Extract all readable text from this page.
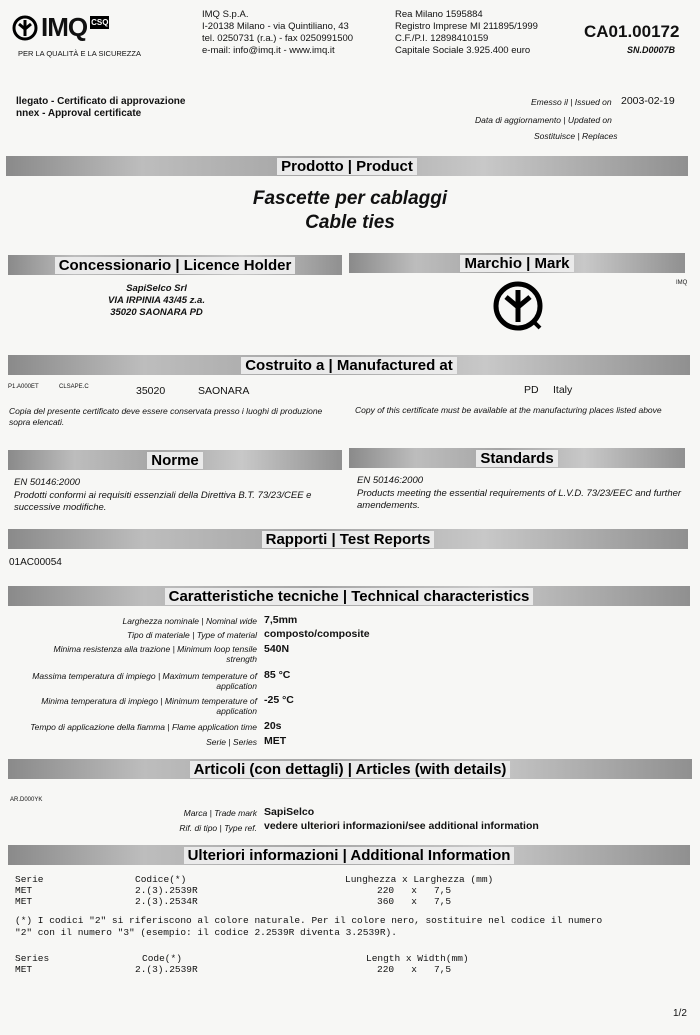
IMQ CSQ
PER LA QUALITÀ E LA SICUREZZA
IMQ S.p.A.
I-20138 Milano - via Quintiliano, 43
tel. 0250731 (r.a.) - fax 0250991500
e-mail: info@imq.it - www.imq.it
Rea Milano 1595884
Registro Imprese MI 211895/1999
C.F./P.I. 12898410159
Capitale Sociale 3.925.400 euro
CA01.00172
SN.D0007B
llegato - Certificato di approvazione
nnex - Approval certificate
Emesso il | Issued on 2003-02-19
Data di aggiornamento | Updated on
Sostituisce | Replaces
Prodotto | Product
Fascette per cablaggi
Cable ties
Concessionario | Licence Holder	Marchio | Mark
SapiSelco Srl
VIA IRPINIA 43/45 z.a.
35020 SAONARA PD
IMQ
Costruito a | Manufactured at
P1.A000ET	CLSAPE.C	35020	SAONARA	PD Italy
Copia del presente certificato deve essere conservata presso i luoghi di produzione sopra elencati.
Copy of this certificate must be available at the manufacturing places listed above
Norme	Standards
EN 50146:2000
Prodotti conformi ai requisiti essenziali della Direttiva B.T. 73/23/CEE e successive modifiche.
EN 50146:2000
Products meeting the essential requirements of L.V.D. 73/23/EEC and further amendements.
Rapporti | Test Reports
01AC00054
Caratteristiche tecniche | Technical characteristics
Larghezza nominale | Nominal wide 7,5mm
Tipo di materiale | Type of material composto/composite
Minima resistenza alla trazione | Minimum loop tensile strength
540N
Massima temperatura di impiego | Maximum temperature of application
85 °C
Minima temperatura di impiego | Minimum temperature of application
-25 °C
Tempo di applicazione della fiamma | Flame application time 20s
Serie | Series MET
Articoli (con dettagli) | Articles (with details)
AR.D000YK
Marca | Trade mark SapiSelco
Rif. di tipo | Type ref. vedere ulteriori informazioni/see additional information
Ulteriori informazioni | Additional Information
Serie	Codice(*)	Lunghezza x Larghezza (mm)
MET	2.(3).2539R	220   x   7,5
MET	2.(3).2534R	360   x   7,5
(*) I codici "2" si riferiscono al colore naturale. Per il colore nero, sostituire nel codice il numero "2" con il numero "3" (esempio: il codice 2.2539R diventa 3.2539R).
Series	Code(*)	Length x Width(mm)
MET	2.(3).2539R	220   x   7,5
1/2
